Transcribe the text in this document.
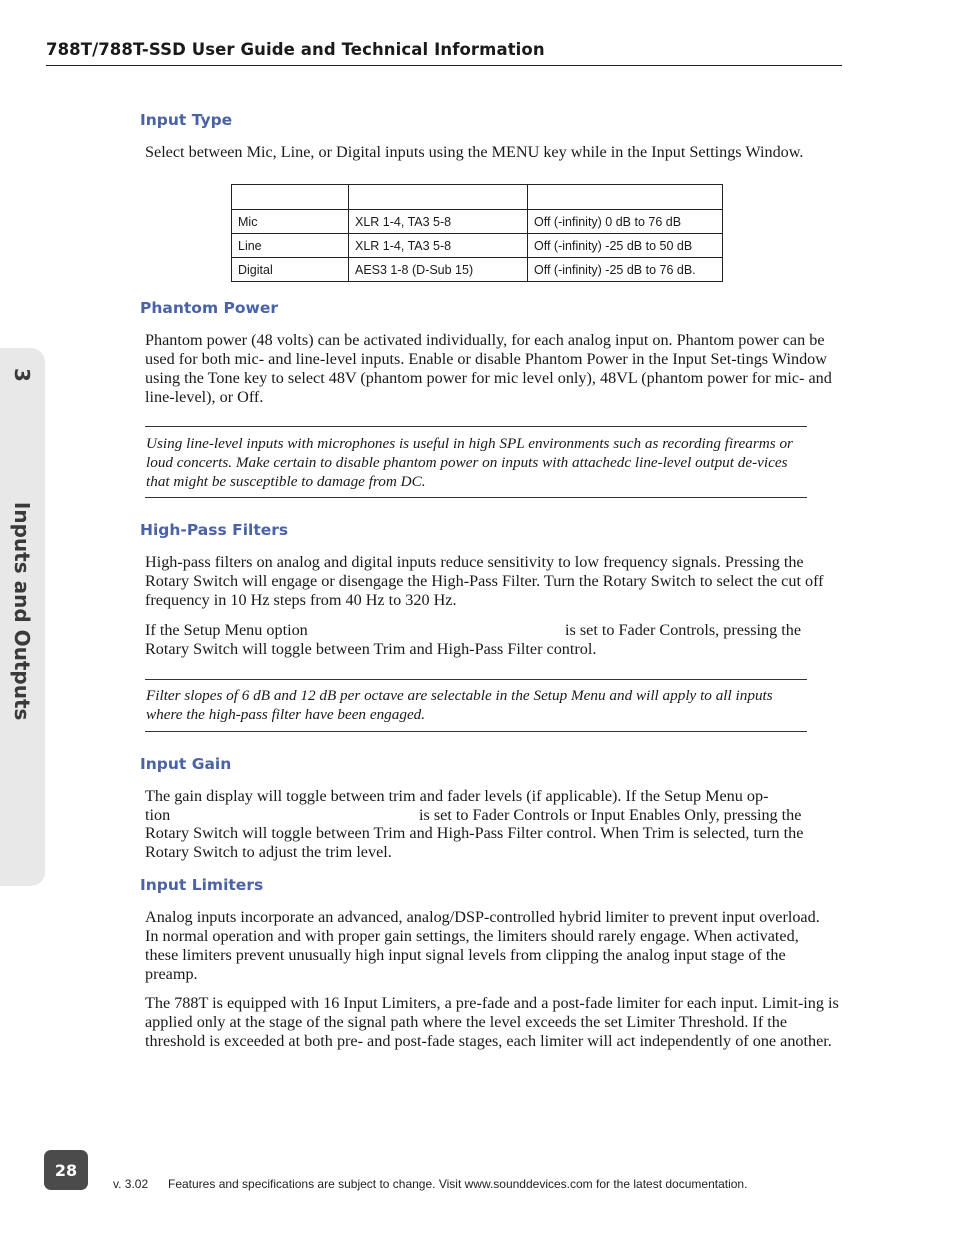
788T/788T-SSD User Guide and Technical Information
3Inputs and Outputs
Input Type
Select between Mic, Line, or Digital inputs using the MENU key while in the Input Settings Window.

Mic	XLR 1-4, TA3 5-8	Off (-infinity) 0 dB to 76 dB
Line	XLR 1-4, TA3 5-8	Off (-infinity) -25 dB to 50 dB
Digital	AES3 1-8 (D-Sub 15)	Off (-infinity) -25 dB to 76 dB.
Phantom Power
Phantom power (48 volts) can be activated individually, for each analog input on. Phantom power can be used for both mic- and line-level inputs. Enable or disable Phantom Power in the Input Set-tings Window using the Tone key to select 48V (phantom power for mic level only), 48VL (phantom power for mic- and line-level), or Off.
Using line-level inputs with microphones is useful in high SPL environments such as recording firearms or loud concerts. Make certain to disable phantom power on inputs with attachedc line-level output de-vices that might be susceptible to damage from DC.
High-Pass Filters
High-pass filters on analog and digital inputs reduce sensitivity to low frequency signals. Pressing the Rotary Switch will engage or disengage the High-Pass Filter. Turn the Rotary Switch to select the cut off frequency in 10 Hz steps from 40 Hz to 320 Hz.
If the Setup Menu option	is set to Fader Controls, pressing the
Rotary Switch will toggle between Trim and High-Pass Filter control.
Filter slopes of 6 dB and 12 dB per octave are selectable in the Setup Menu and will apply to all inputs where the high-pass filter have been engaged.
Input Gain
The gain display will toggle between trim and fader levels (if applicable). If the Setup Menu op-
tion	is set to Fader Controls or Input Enables Only, pressing the
Rotary Switch will toggle between Trim and High-Pass Filter control. When Trim is selected, turn the Rotary Switch to adjust the trim level.
Input Limiters
Analog inputs incorporate an advanced, analog/DSP-controlled hybrid limiter to prevent input overload. In normal operation and with proper gain settings, the limiters should rarely engage. When activated, these limiters prevent unusually high input signal levels from clipping the analog input stage of the preamp.
The 788T is equipped with 16 Input Limiters, a pre-fade and a post-fade limiter for each input. Limit-ing is applied only at the stage of the signal path where the level exceeds the set Limiter Threshold. If the threshold is exceeded at both pre- and post-fade stages, each limiter will act independently of one another.
28
v. 3.02 Features and specifications are subject to change. Visit www.sounddevices.com for the latest documentation.
